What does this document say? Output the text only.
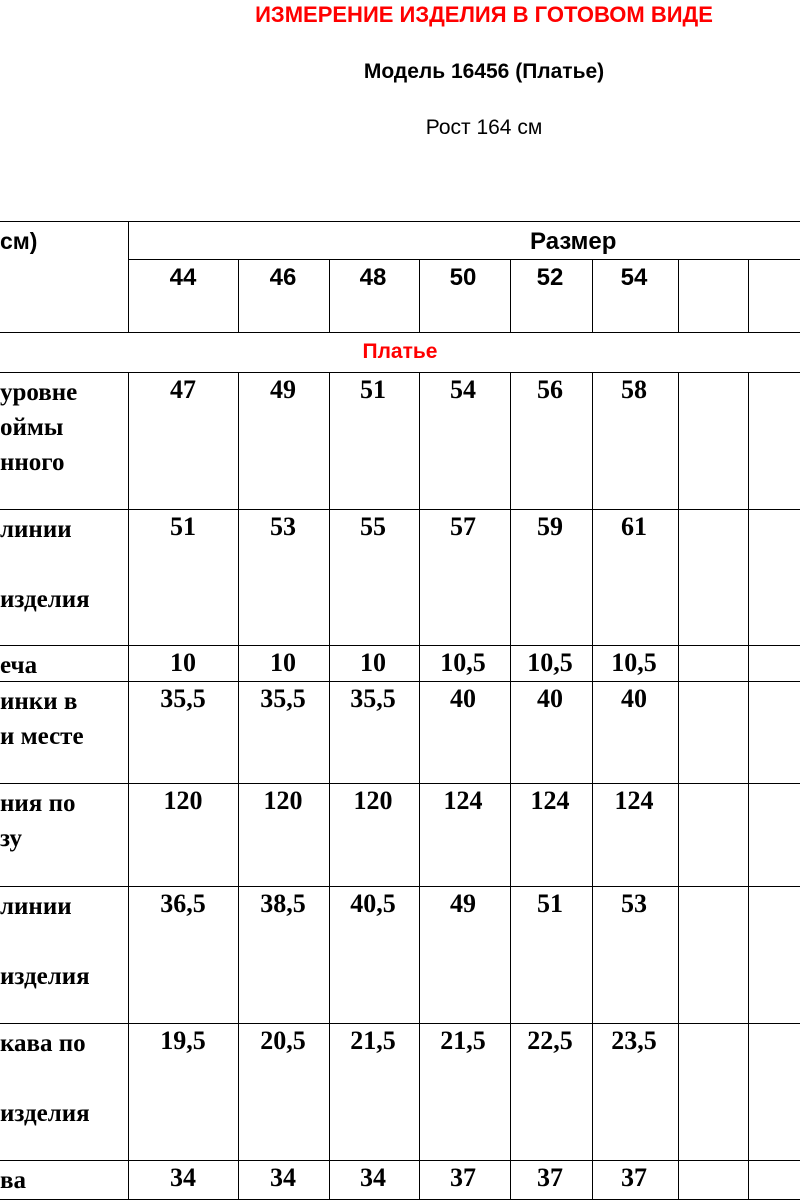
ИЗМЕРЕНИЕ ИЗДЕЛИЯ В ГОТОВОМ ВИДЕ
Модель 16456 (Платье)
Рост 164 см
см)	Размер
Платье
44	46	48	50	52	54
уровне
оймы
нного
47	49	51	54	56	58
линии
изделия
51	53	55	57	59	61
еча	10	10	10	10,5	10,5	10,5
инки в
и месте
35,5	35,5	35,5	40	40	40
ния по
зу
120	120	120	124	124	124
линии
изделия
36,5	38,5	40,5	49	51	53
кава по
изделия
19,5	20,5	21,5	21,5	22,5	23,5
ва	34	34	34	37	37	37
